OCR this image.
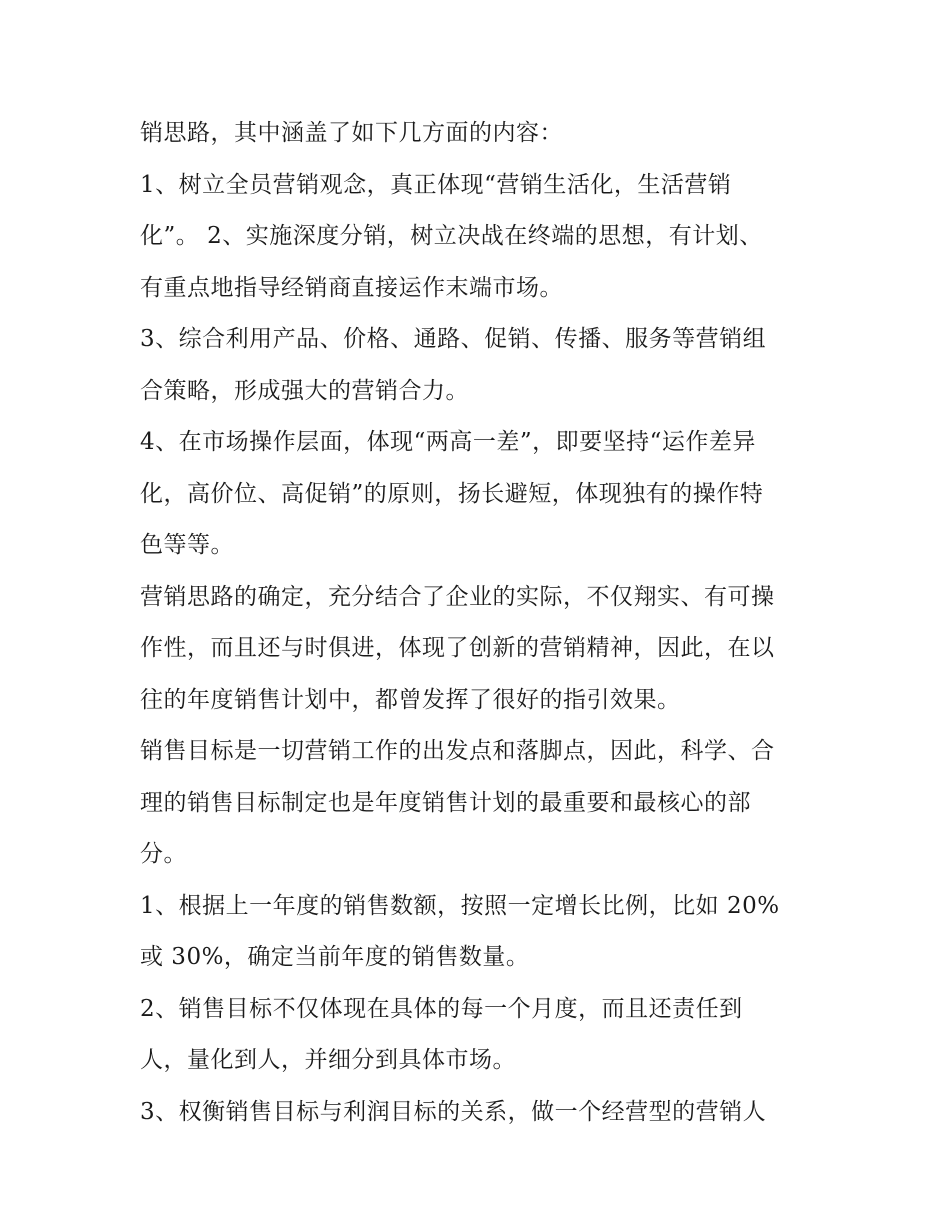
销思路，其中涵盖了如下几方面的内容：
1、树立全员营销观念，真正体现“营销生活化，生活营销
化”。 2、实施深度分销，树立决战在终端的思想，有计划、
有重点地指导经销商直接运作末端市场。
3、综合利用产品、价格、通路、促销、传播、服务等营销组
合策略，形成强大的营销合力。
4、在市场操作层面，体现“两高一差”，即要坚持“运作差异
化，高价位、高促销”的原则，扬长避短，体现独有的操作特
色等等。
营销思路的确定，充分结合了企业的实际，不仅翔实、有可操
作性，而且还与时俱进，体现了创新的营销精神，因此，在以
往的年度销售计划中，都曾发挥了很好的指引效果。
销售目标是一切营销工作的出发点和落脚点，因此，科学、合
理的销售目标制定也是年度销售计划的最重要和最核心的部
分。
1、根据上一年度的销售数额，按照一定增长比例，比如 20%
或 30%，确定当前年度的销售数量。
2、销售目标不仅体现在具体的每一个月度，而且还责任到
人，量化到人，并细分到具体市场。
3、权衡销售目标与利润目标的关系，做一个经营型的营销人
